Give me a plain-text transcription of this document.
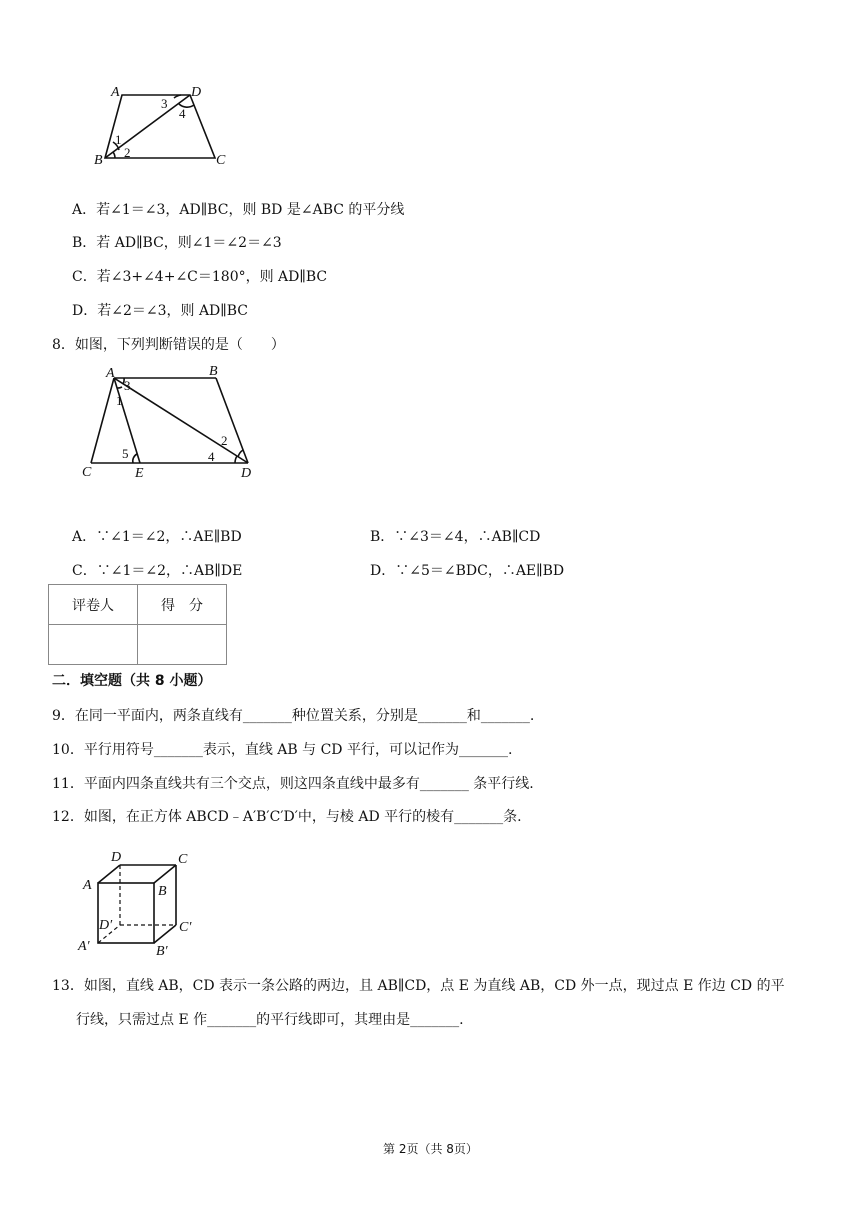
A	D
B	C
1
2
3
4
A．若∠1＝∠3，AD∥BC，则 BD 是∠ABC 的平分线
B．若 AD∥BC，则∠1＝∠2＝∠3
C．若∠3+∠4+∠C＝180°，则 AD∥BC
D．若∠2＝∠3，则 AD∥BC
8．如图，下列判断错误的是（　　）
A	B
C	E	D
3
1
2
4
5
A．∵∠1＝∠2，∴AE∥BD	B．∵∠3＝∠4，∴AB∥CD
C．∵∠1＝∠2，∴AB∥DE	D．∵∠5＝∠BDC，∴AE∥BD
评卷人	得　分

二．填空题（共 8 小题）
9．在同一平面内，两条直线有_______种位置关系，分别是_______和_______.
10．平行用符号_______表示，直线 AB 与 CD 平行，可以记作为_______.
11．平面内四条直线共有三个交点，则这四条直线中最多有_______ 条平行线.
12．如图，在正方体 ABCD﹣A′B′C′D′中，与棱 AD 平行的棱有_______条.
D	C
A	B
D′	C′
A′	B′
13．如图，直线 AB，CD 表示一条公路的两边，且 AB∥CD，点 E 为直线 AB，CD 外一点，现过点 E 作边 CD 的平
行线，只需过点 E 作_______的平行线即可，其理由是_______.
第 2页（共 8页）
